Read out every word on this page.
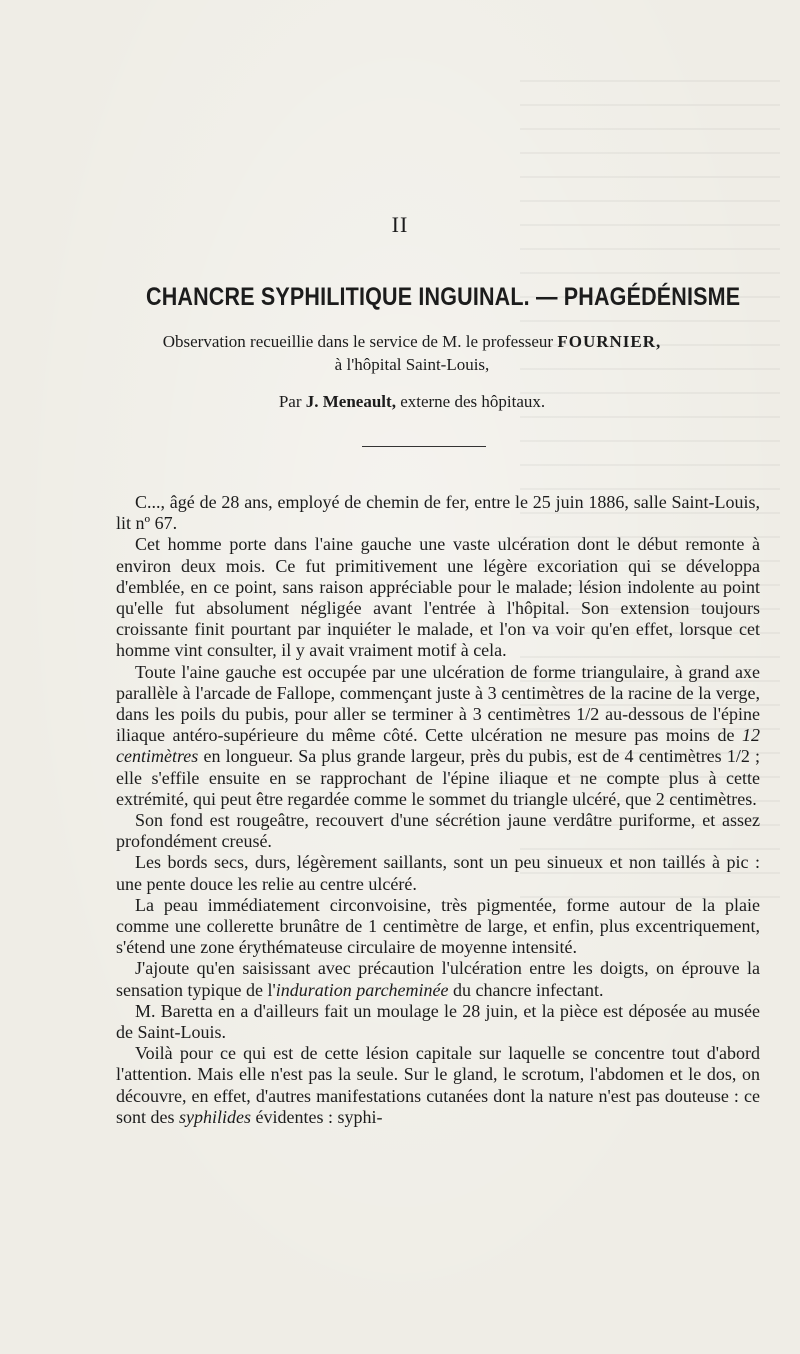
II
CHANCRE SYPHILITIQUE INGUINAL. — PHAGÉDÉNISME
Observation recueillie dans le service de M. le professeur FOURNIER,
à l'hôpital Saint-Louis,
Par J. Meneault, externe des hôpitaux.

C..., âgé de 28 ans, employé de chemin de fer, entre le 25 juin 1886, salle Saint-Louis, lit nº 67.

Cet homme porte dans l'aine gauche une vaste ulcération dont le début remonte à environ deux mois. Ce fut primitivement une légère excoriation qui se développa d'emblée, en ce point, sans raison appréciable pour le malade; lésion indolente au point qu'elle fut absolument négligée avant l'entrée à l'hôpital. Son extension toujours croissante finit pourtant par inquiéter le malade, et l'on va voir qu'en effet, lorsque cet homme vint consulter, il y avait vraiment motif à cela.

Toute l'aine gauche est occupée par une ulcération de forme triangulaire, à grand axe parallèle à l'arcade de Fallope, commençant juste à 3 centimètres de la racine de la verge, dans les poils du pubis, pour aller se terminer à 3 centimètres 1/2 au-dessous de l'épine iliaque antéro-supérieure du même côté. Cette ulcération ne mesure pas moins de 12 centimètres en longueur. Sa plus grande largeur, près du pubis, est de 4 centimètres 1/2 ; elle s'effile ensuite en se rapprochant de l'épine iliaque et ne compte plus à cette extrémité, qui peut être regardée comme le sommet du triangle ulcéré, que 2 centimètres.

Son fond est rougeâtre, recouvert d'une sécrétion jaune verdâtre puriforme, et assez profondément creusé.

Les bords secs, durs, légèrement saillants, sont un peu sinueux et non taillés à pic : une pente douce les relie au centre ulcéré.

La peau immédiatement circonvoisine, très pigmentée, forme autour de la plaie comme une collerette brunâtre de 1 centimètre de large, et enfin, plus excentriquement, s'étend une zone érythémateuse circulaire de moyenne intensité.

J'ajoute qu'en saisissant avec précaution l'ulcération entre les doigts, on éprouve la sensation typique de l'induration parcheminée du chancre infectant.

M. Baretta en a d'ailleurs fait un moulage le 28 juin, et la pièce est déposée au musée de Saint-Louis.

Voilà pour ce qui est de cette lésion capitale sur laquelle se concentre tout d'abord l'attention. Mais elle n'est pas la seule. Sur le gland, le scrotum, l'abdomen et le dos, on découvre, en effet, d'autres manifestations cutanées dont la nature n'est pas douteuse : ce sont des syphilides évidentes : syphi-
